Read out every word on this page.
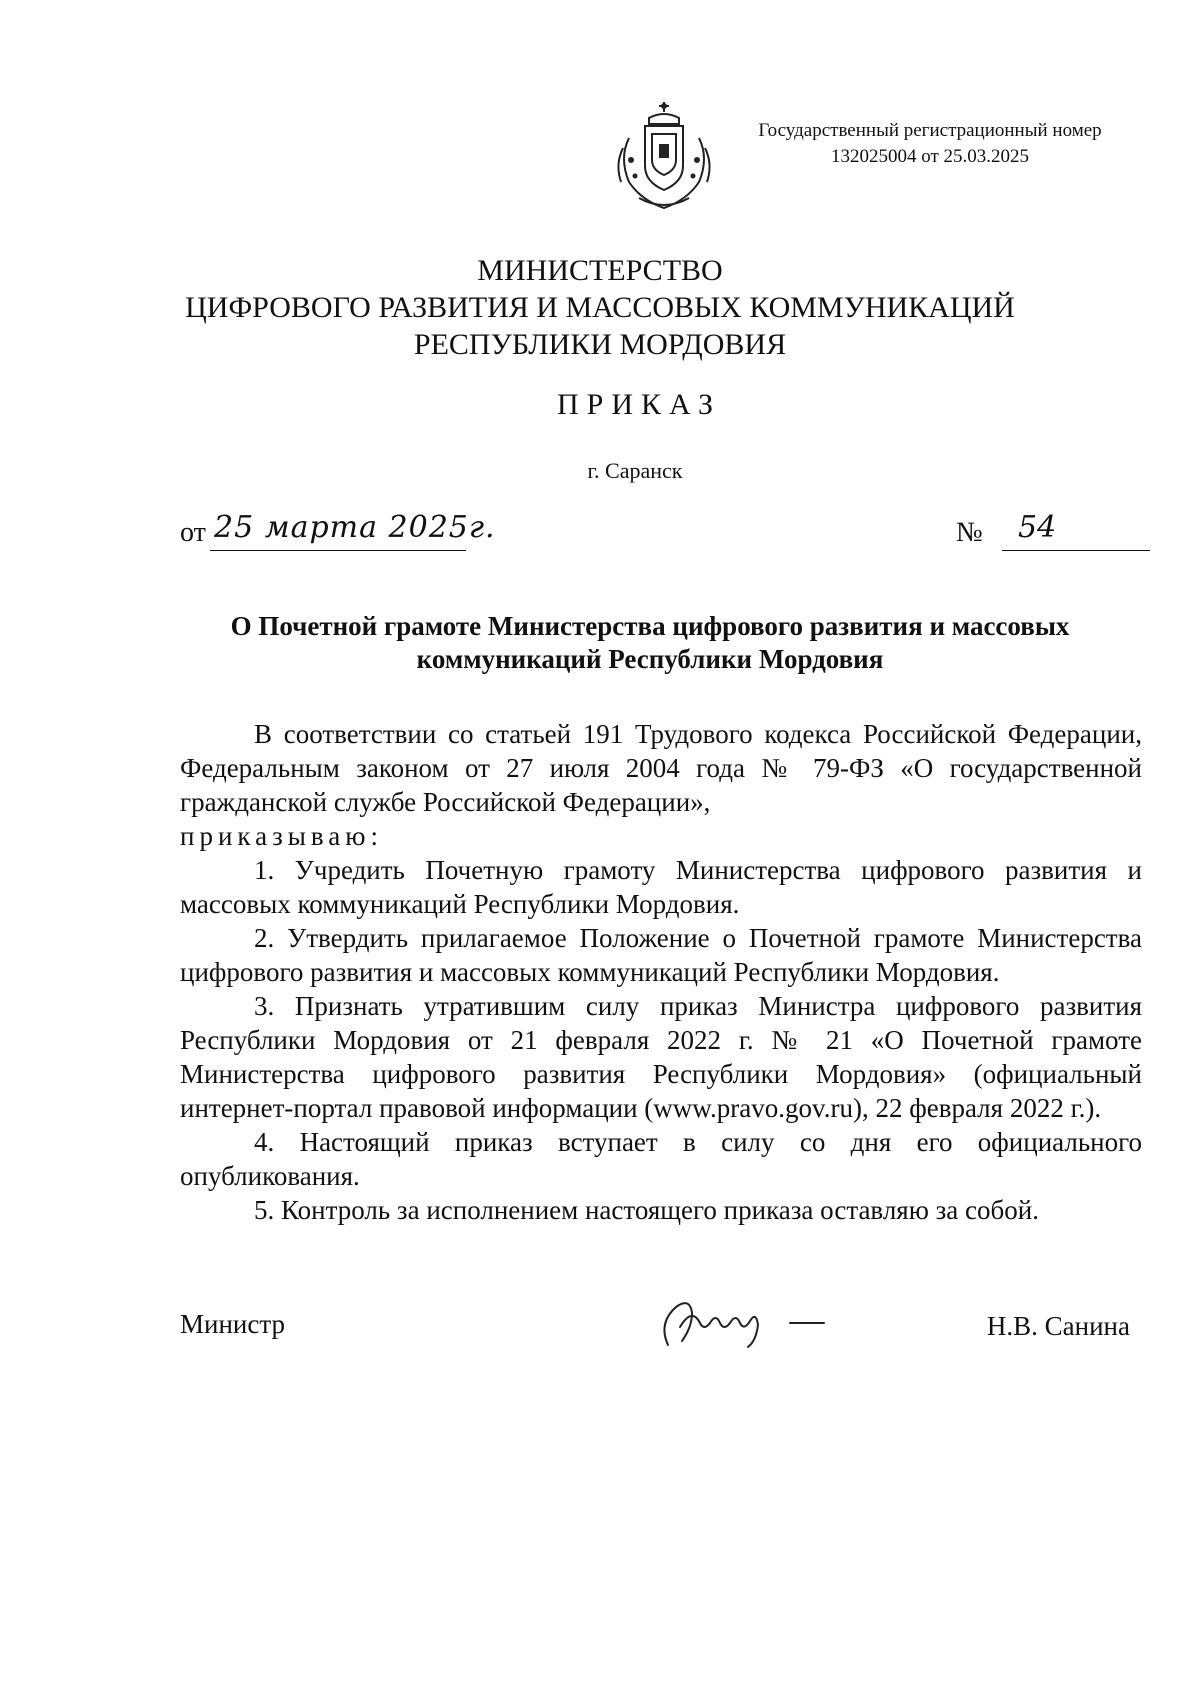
Государственный регистрационный номер
132025004 от 25.03.2025
МИНИСТЕРСТВО
ЦИФРОВОГО РАЗВИТИЯ И МАССОВЫХ КОММУНИКАЦИЙ
РЕСПУБЛИКИ МОРДОВИЯ
ПРИКАЗ
г. Саранск
от 25 марта 2025г.	№ 54
О Почетной грамоте Министерства цифрового развития и массовых
коммуникаций Республики Мордовия

В соответствии со статьей 191 Трудового кодекса Российской Федерации, Федеральным законом от 27 июля 2004 года № 79-ФЗ «О государственной гражданской службе Российской Федерации»,
приказываю:

1. Учредить Почетную грамоту Министерства цифрового развития и массовых коммуникаций Республики Мордовия.

2. Утвердить прилагаемое Положение о Почетной грамоте Министерства цифрового развития и массовых коммуникаций Республики Мордовия.

3. Признать утратившим силу приказ Министра цифрового развития Республики Мордовия от 21 февраля 2022 г. № 21 «О Почетной грамоте Министерства цифрового развития Республики Мордовия» (официальный интернет-портал правовой информации (www.pravo.gov.ru), 22 февраля 2022 г.).

4. Настоящий приказ вступает в силу со дня его официального опубликования.

5. Контроль за исполнением настоящего приказа оставляю за собой.

Министр	Н.В. Санина
